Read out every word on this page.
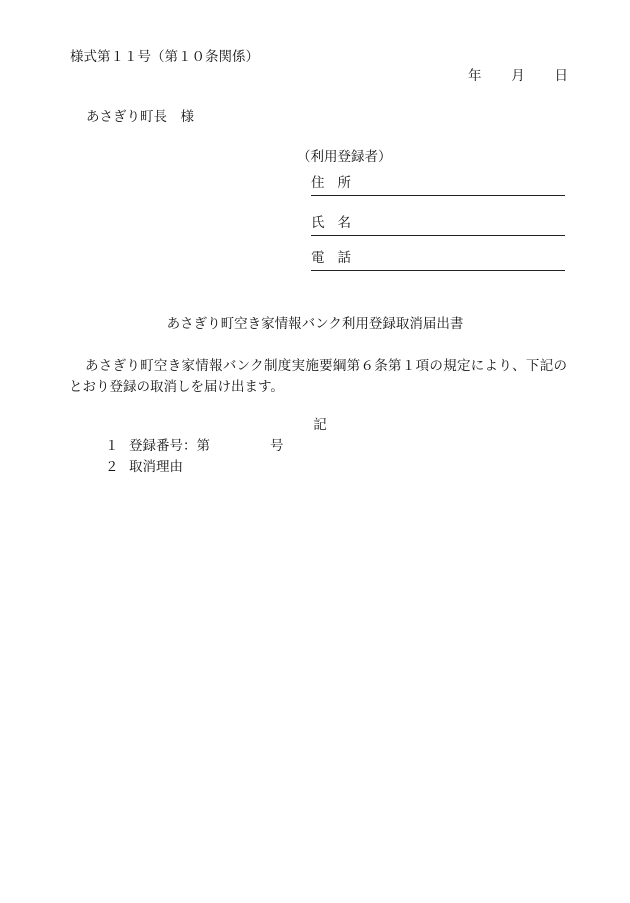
様式第１１号（第１０条関係）
年 月 日
あさぎり町長　様
（利用登録者）
住所
氏名
電話
あさぎり町空き家情報バンク利用登録取消届出書
あさぎり町空き家情報バンク制度実施要綱第６条第１項の規定により、下記のとおり登録の取消しを届け出ます。
記
１ 登録番号：第	号
２ 取消理由
